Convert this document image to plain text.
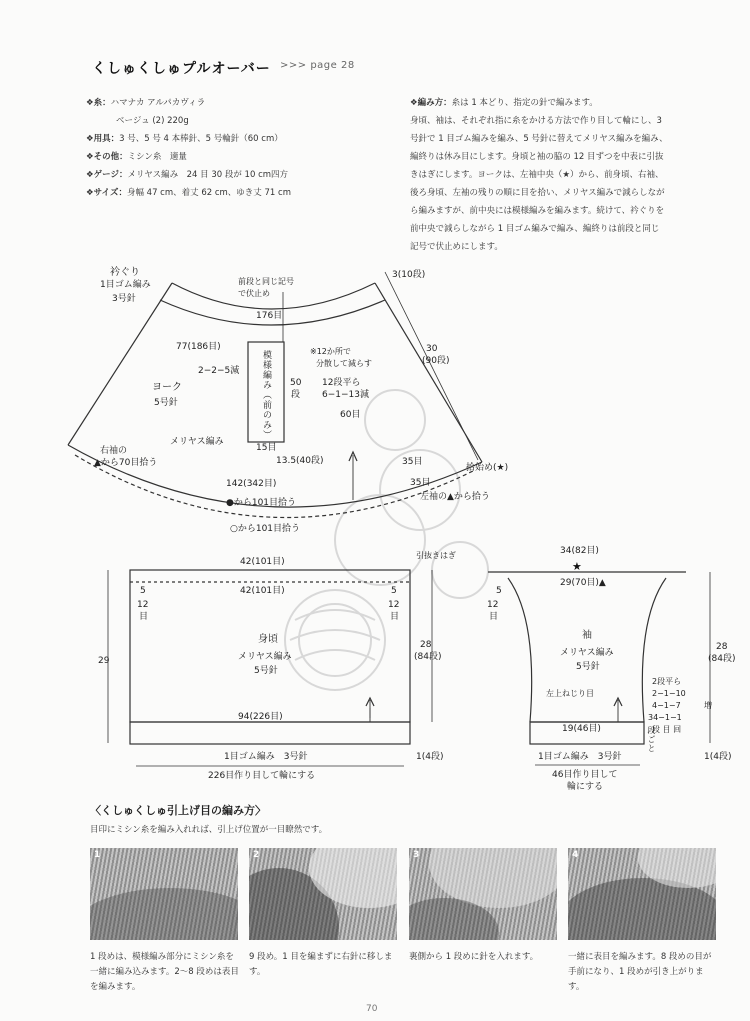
くしゅくしゅプルオーバー >>> page 28
❖糸：ハマナカ アルパカヴィラ
ベージュ (2) 220g
❖用具：3 号、5 号 4 本棒針、5 号輪針（60 cm）
❖その他：ミシン糸　適量
❖ゲージ：メリヤス編み　24 目 30 段が 10 cm四方
❖サイズ：身幅 47 cm、着丈 62 cm、ゆき丈 71 cm
❖編み方：糸は 1 本どり、指定の針で編みます。
身頃、袖は、それぞれ指に糸をかける方法で作り目して輪にし、3
号針で 1 目ゴム編みを編み、5 号針に替えてメリヤス編みを編み、
編終りは休み目にします。身頃と袖の脇の 12 目ずつを中表に引抜
きはぎにします。ヨークは、左袖中央（★）から、前身頃、右袖、
後ろ身頃、左袖の残りの順に目を拾い、メリヤス編みで減らしなが
ら編みますが、前中央には模様編みを編みます。続けて、衿ぐりを
前中央で減らしながら 1 目ゴム編みで編み、編終りは前段と同じ
記号で伏止めにします。
衿ぐり
1目ゴム編み
3号針
前段と同じ記号
で伏止め
176目
3(10段)
30
(90段)
77(186目)
2−2−5減 模様編み（前のみ） 50
段
※12か所で
分散して減らす
12段平ら
6−1−13減
60目
ヨーク
5号針
メリヤス編み
15目
右袖の
▲から70目拾う	13.5(40段)	35目
拾始め(★)
142(342目)	35目
左袖の▲から拾う
●から101目拾う
○から101目拾う
42(101目)
42(101目)
5
12
目
5
12
目
身頃
メリヤス編み
5号針
29
28
(84段)
94(226目)
1目ゴム編み　3号針	1(4段)
226目作り目して輪にする
引抜きはぎ	34(82目)
★
29(70目)▲
5
12
目
袖
メリヤス編み
5号針
左上ねじり目
2段平ら
2−1−10
4−1−7
34−1−1
段 目 回
増
段ごと
19(46目)
28
(84段)
1目ゴム編み　3号針	1(4段)
46目作り目して
輪にする
〈くしゅくしゅ引上げ目の編み方〉
目印にミシン糸を編み入れれば、引上げ位置が一目瞭然です。
1	2	3	4
1 段めは、模様編み部分にミシン糸を一緒に編み込みます。2〜8 段めは表目を編みます。
9 段め。1 目を編まずに右針に移します。
裏側から 1 段めに針を入れます。	一緒に表目を編みます。8 段めの目が手前になり、1 段めが引き上がります。
70
